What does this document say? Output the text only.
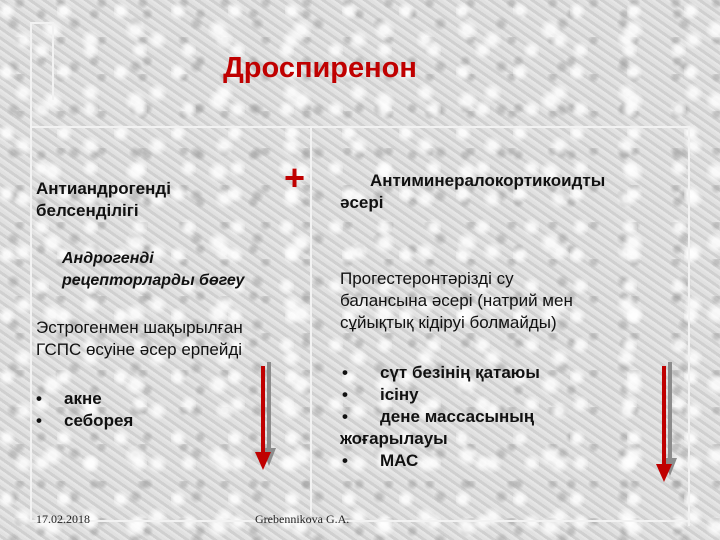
Дроспиренон
+
Антиандрогенді
белсенділігі
Андрогенді
рецепторларды бөгеу
Эстрогенмен шақырылған
ГСПС өсуіне әсер ерпейді
• акне
• себорея
Антиминералокортикоидты
әсері
Прогестеронтәрізді су
балансына әсері (натрий мен
сұйықтық кідіруі болмайды)
• сүт безінің қатаюы
• ісіну
• дене массасының
жоғарылауы
• МАС
17.02.2018	Grebennikova G.A.
